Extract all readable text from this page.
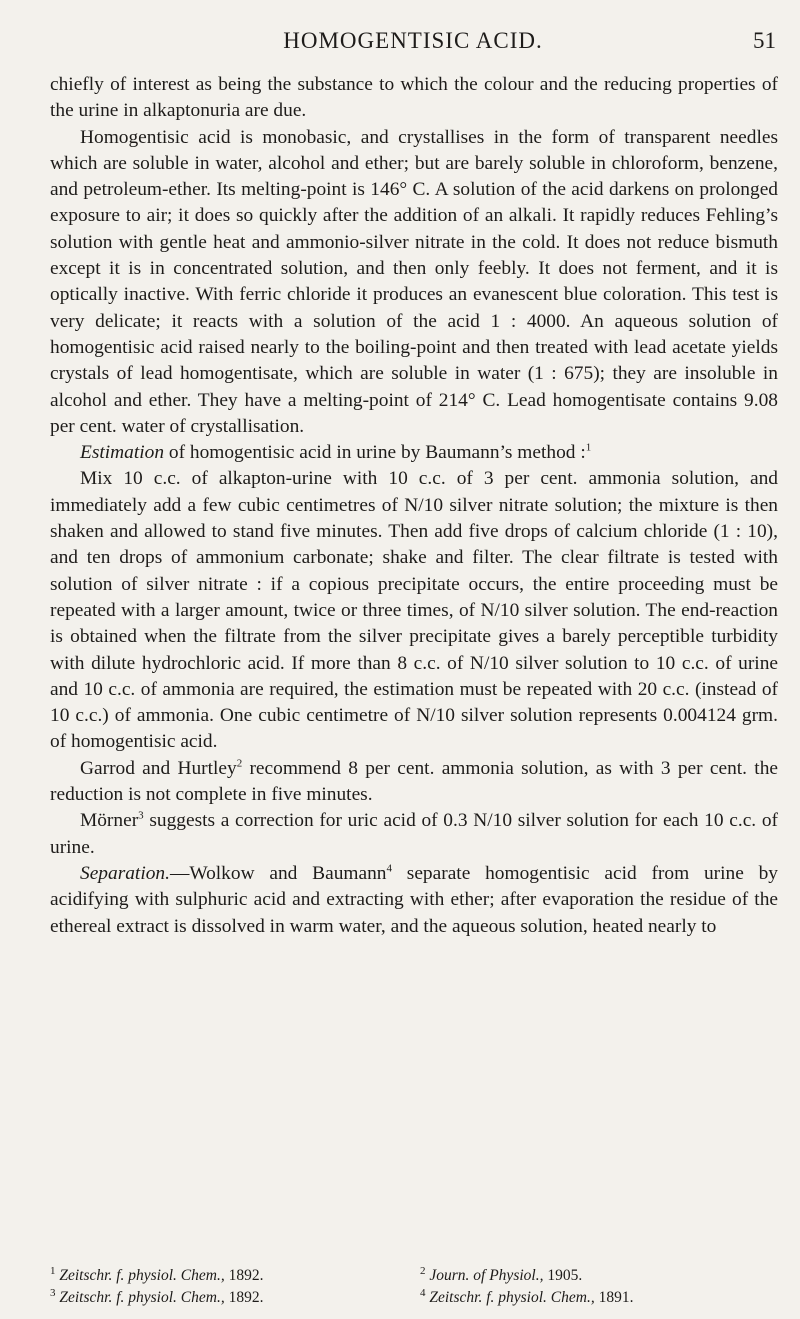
HOMOGENTISIC ACID.	51

chiefly of interest as being the substance to which the colour and the reducing properties of the urine in alkaptonuria are due.

Homogentisic acid is monobasic, and crystallises in the form of transparent needles which are soluble in water, alcohol and ether; but are barely soluble in chloroform, benzene, and petroleum-ether. Its melting-point is 146° C. A solution of the acid darkens on prolonged exposure to air; it does so quickly after the addition of an alkali. It rapidly reduces Fehling’s solution with gentle heat and ammonio-silver nitrate in the cold. It does not reduce bismuth except it is in concentrated solution, and then only feebly. It does not ferment, and it is optically inactive. With ferric chloride it produces an evanescent blue coloration. This test is very delicate; it reacts with a solution of the acid 1 : 4000. An aqueous solution of homogentisic acid raised nearly to the boiling-point and then treated with lead acetate yields crystals of lead homogentisate, which are soluble in water (1 : 675); they are insoluble in alcohol and ether. They have a melting-point of 214° C. Lead homogentisate contains 9.08 per cent. water of crystallisation.

Estimation of homogentisic acid in urine by Baumann’s method :$^1$

Mix 10 c.c. of alkapton-urine with 10 c.c. of 3 per cent. ammonia solution, and immediately add a few cubic centimetres of N/10 silver nitrate solution; the mixture is then shaken and allowed to stand five minutes. Then add five drops of calcium chloride (1 : 10), and ten drops of ammonium carbonate; shake and filter. The clear filtrate is tested with solution of silver nitrate : if a copious precipitate occurs, the entire proceeding must be repeated with a larger amount, twice or three times, of N/10 silver solution. The end-reaction is obtained when the filtrate from the silver precipitate gives a barely perceptible turbidity with dilute hydrochloric acid. If more than 8 c.c. of N/10 silver solution to 10 c.c. of urine and 10 c.c. of ammonia are required, the estimation must be repeated with 20 c.c. (instead of 10 c.c.) of ammonia. One cubic centimetre of N/10 silver solution represents 0.004124 grm. of homogentisic acid.

Garrod and Hurtley$^2$ recommend 8 per cent. ammonia solution, as with 3 per cent. the reduction is not complete in five minutes.

Mörner$^3$ suggests a correction for uric acid of 0.3 N/10 silver solution for each 10 c.c. of urine.

Separation.—Wolkow and Baumann$^4$ separate homogentisic acid from urine by acidifying with sulphuric acid and extracting with ether; after evaporation the residue of the ethereal extract is dissolved in warm water, and the aqueous solution, heated nearly to

$^1$ Zeitschr. f. physiol. Chem., 1892.	$^2$ Journ. of Physiol., 1905.
$^3$ Zeitschr. f. physiol. Chem., 1892.	$^4$ Zeitschr. f. physiol. Chem., 1891.
